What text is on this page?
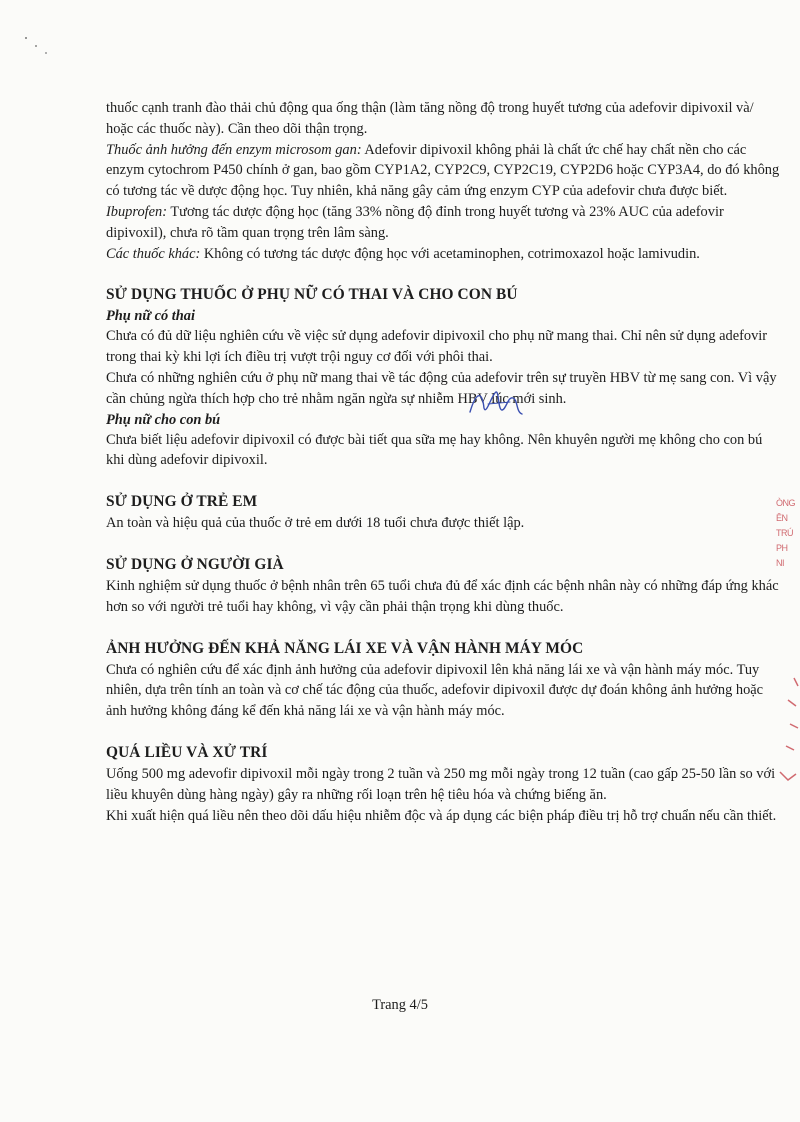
thuốc cạnh tranh đào thải chủ động qua ống thận (làm tăng nồng độ trong huyết tương của adefovir dipivoxil và/ hoặc các thuốc này). Cần theo dõi thận trọng.

Thuốc ảnh hưởng đến enzym microsom gan: Adefovir dipivoxil không phải là chất ức chế hay chất nền cho các enzym cytochrom P450 chính ở gan, bao gồm CYP1A2, CYP2C9, CYP2C19, CYP2D6 hoặc CYP3A4, do đó không có tương tác về dược động học. Tuy nhiên, khả năng gây cảm ứng enzym CYP của adefovir chưa được biết.

Ibuprofen: Tương tác dược động học (tăng 33% nồng độ đỉnh trong huyết tương và 23% AUC của adefovir dipivoxil), chưa rõ tầm quan trọng trên lâm sàng.

Các thuốc khác: Không có tương tác dược động học với acetaminophen, cotrimoxazol hoặc lamivudin.

SỬ DỤNG THUỐC Ở PHỤ NỮ CÓ THAI VÀ CHO CON BÚ
Phụ nữ có thai

Chưa có đủ dữ liệu nghiên cứu về việc sử dụng adefovir dipivoxil cho phụ nữ mang thai. Chỉ nên sử dụng adefovir trong thai kỳ khi lợi ích điều trị vượt trội nguy cơ đối với phôi thai.

Chưa có những nghiên cứu ở phụ nữ mang thai về tác động của adefovir trên sự truyền HBV từ mẹ sang con. Vì vậy cần chủng ngừa thích hợp cho trẻ nhằm ngăn ngừa sự nhiễm HBV lúc mới sinh.

Phụ nữ cho con bú

Chưa biết liệu adefovir dipivoxil có được bài tiết qua sữa mẹ hay không. Nên khuyên người mẹ không cho con bú khi dùng adefovir dipivoxil.

SỬ DỤNG Ở TRẺ EM

An toàn và hiệu quả của thuốc ở trẻ em dưới 18 tuổi chưa được thiết lập.

SỬ DỤNG Ở NGƯỜI GIÀ

Kinh nghiệm sử dụng thuốc ở bệnh nhân trên 65 tuổi chưa đủ để xác định các bệnh nhân này có những đáp ứng khác hơn so với người trẻ tuổi hay không, vì vậy cần phải thận trọng khi dùng thuốc.

ẢNH HƯỞNG ĐẾN KHẢ NĂNG LÁI XE VÀ VẬN HÀNH MÁY MÓC

Chưa có nghiên cứu để xác định ảnh hưởng của adefovir dipivoxil lên khả năng lái xe và vận hành máy móc. Tuy nhiên, dựa trên tính an toàn và cơ chế tác động của thuốc, adefovir dipivoxil được dự đoán không ảnh hưởng hoặc ảnh hưởng không đáng kể đến khả năng lái xe và vận hành máy móc.

QUÁ LIỀU VÀ XỬ TRÍ

Uống 500 mg adevofir dipivoxil mỗi ngày trong 2 tuần và 250 mg mỗi ngày trong 12 tuần (cao gấp 25-50 lần so với liều khuyên dùng hàng ngày) gây ra những rối loạn trên hệ tiêu hóa và chứng biếng ăn.

Khi xuất hiện quá liều nên theo dõi dấu hiệu nhiễm độc và áp dụng các biện pháp điều trị hỗ trợ chuẩn nếu cần thiết.

ÒNG
ÊN
TRÚ
PH
NI
Trang 4/5
